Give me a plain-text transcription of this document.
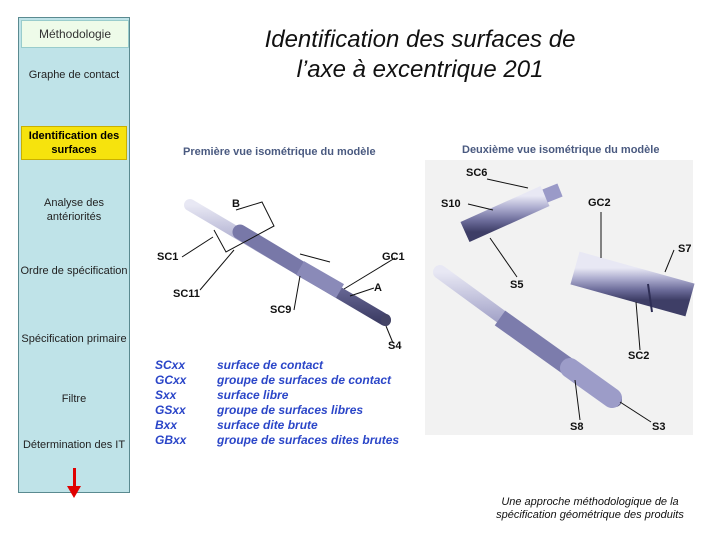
Méthodologie
Graphe de contact
Identification des surfaces
Analyse des antériorités
Ordre de spécification
Spécification primaire
Filtre
Détermination des IT
Identification des surfaces de
l’axe à excentrique 201
Première vue isométrique du modèle	Deuxième vue isométrique du modèle
B
SC1
SC11
GC1
A
SC9
S4
SC6
S10	GC2
S7
S5
SC2
S8	S3
SCxx	surface de contact
GCxx	groupe de surfaces de contact
Sxx	surface libre
GSxx	groupe de surfaces libres
Bxx	surface dite brute
GBxx	groupe de surfaces dites brutes
Une approche méthodologique de la
spécification géométrique des produits
